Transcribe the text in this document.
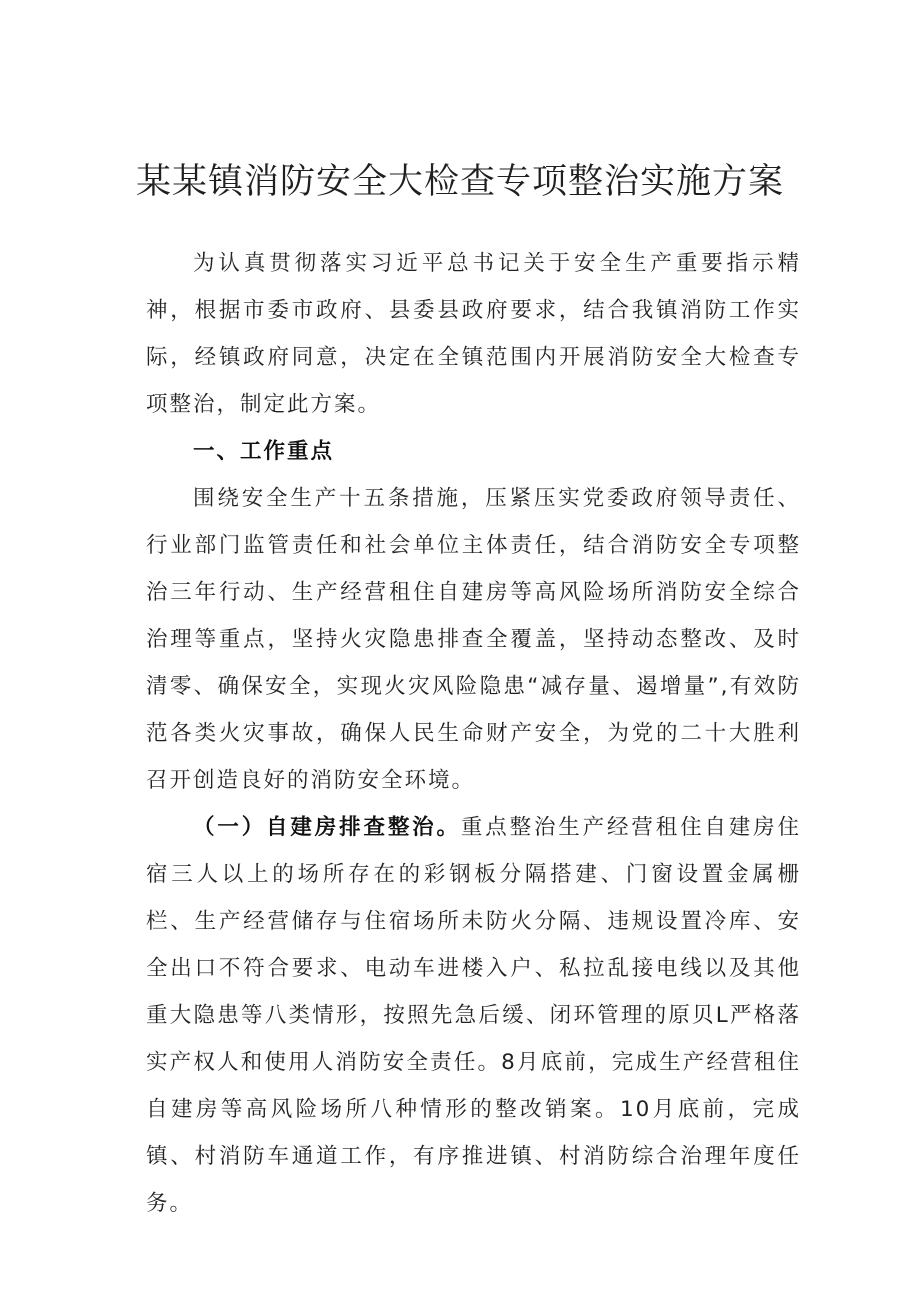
某某镇消防安全大检查专项整治实施方案

为认真贯彻落实习近平总书记关于安全生产重要指示精神，根据市委市政府、县委县政府要求，结合我镇消防工作实际，经镇政府同意，决定在全镇范围内开展消防安全大检查专项整治，制定此方案。

一、工作重点

围绕安全生产十五条措施，压紧压实党委政府领导责任、行业部门监管责任和社会单位主体责任，结合消防安全专项整治三年行动、生产经营租住自建房等高风险场所消防安全综合治理等重点，坚持火灾隐患排查全覆盖，坚持动态整改、及时清零、确保安全，实现火灾风险隐患“减存量、遏增量”,有效防范各类火灾事故，确保人民生命财产安全，为党的二十大胜利召开创造良好的消防安全环境。

（一）自建房排查整治。重点整治生产经营租住自建房住宿三人以上的场所存在的彩钢板分隔搭建、门窗设置金属栅栏、生产经营储存与住宿场所未防火分隔、违规设置冷库、安全出口不符合要求、电动车进楼入户、私拉乱接电线以及其他重大隐患等八类情形，按照先急后缓、闭环管理的原贝L严格落实产权人和使用人消防安全责任。8月底前，完成生产经营租住自建房等高风险场所八种情形的整改销案。10月底前，完成镇、村消防车通道工作，有序推进镇、村消防综合治理年度任务。
